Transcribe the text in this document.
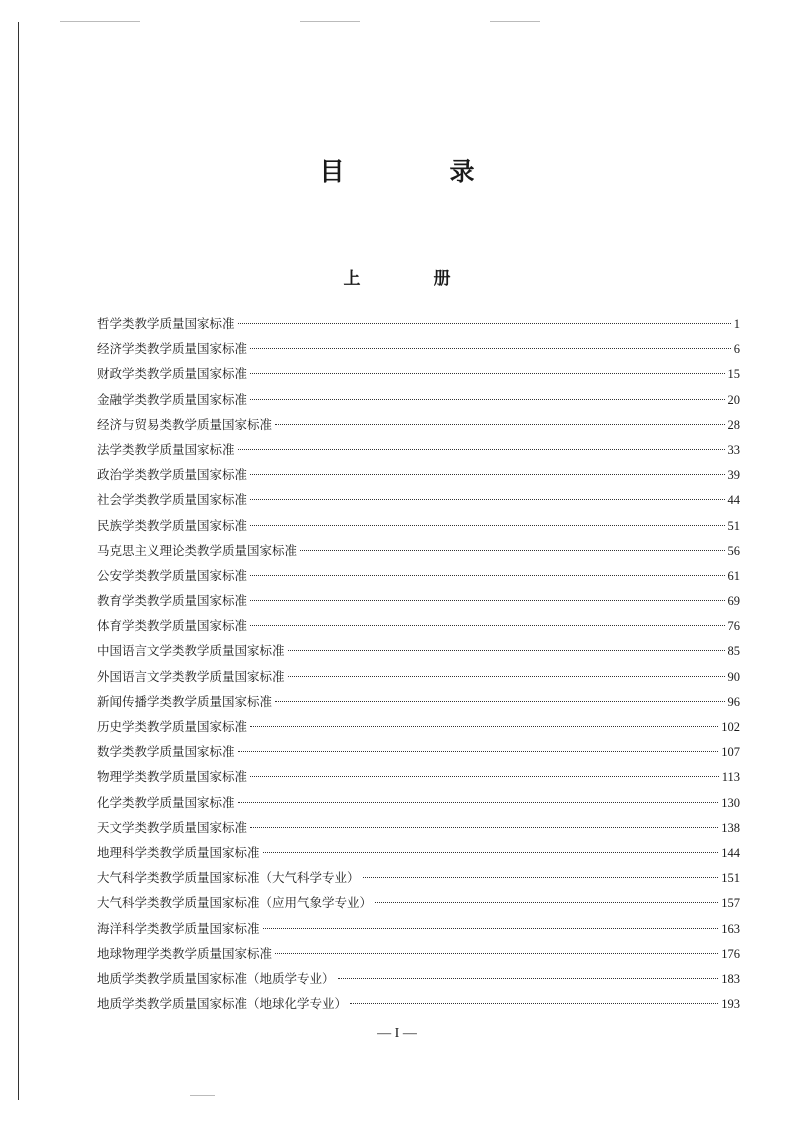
目　录
上　册
哲学类教学质量国家标准	1
经济学类教学质量国家标准	6
财政学类教学质量国家标准	15
金融学类教学质量国家标准	20
经济与贸易类教学质量国家标准	28
法学类教学质量国家标准	33
政治学类教学质量国家标准	39
社会学类教学质量国家标准	44
民族学类教学质量国家标准	51
马克思主义理论类教学质量国家标准	56
公安学类教学质量国家标准	61
教育学类教学质量国家标准	69
体育学类教学质量国家标准	76
中国语言文学类教学质量国家标准	85
外国语言文学类教学质量国家标准	90
新闻传播学类教学质量国家标准	96
历史学类教学质量国家标准	102
数学类教学质量国家标准	107
物理学类教学质量国家标准	113
化学类教学质量国家标准	130
天文学类教学质量国家标准	138
地理科学类教学质量国家标准	144
大气科学类教学质量国家标准（大气科学专业）	151
大气科学类教学质量国家标准（应用气象学专业）	157
海洋科学类教学质量国家标准	163
地球物理学类教学质量国家标准	176
地质学类教学质量国家标准（地质学专业）	183
地质学类教学质量国家标准（地球化学专业）	193
— I —
